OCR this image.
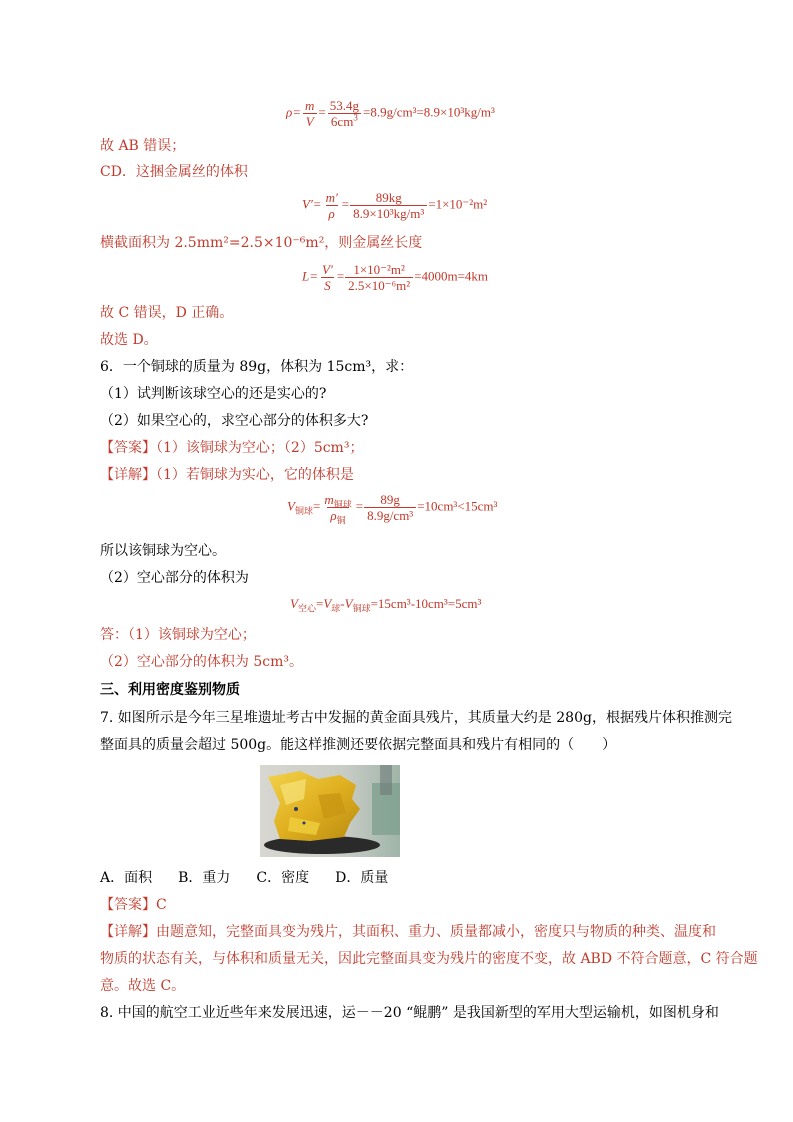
$\rho= \frac{m}{V} = \frac{53.4g}{6cm^3} =8.9g/cm^3=8.9\times 10^3kg/m^3$
故 AB 错误；
CD．这捆金属丝的体积
$V'= \frac{m'}{\rho} = \frac{89kg}{\text{8.9×10³kg/m³}} =1\times 10^{-2}m^2$
横截面积为 2.5mm²=2.5×10⁻⁶m²，则金属丝长度
$L= \frac{V'}{S} = \frac{\text{1×10⁻²m²}}{\text{2.5×10⁻⁶m²}} =4000m=4km$
故 C 错误，D 正确。
故选 D。
6．一个铜球的质量为 89g，体积为 15cm³，求：
（1）试判断该球空心的还是实心的?
（2）如果空心的，求空心部分的体积多大?
【答案】（1）该铜球为空心；（2）5cm³；
【详解】（1）若铜球为实心，它的体积是
$V_{铜球}= \frac{m_{铜球}}{\rho_铜} = \frac{89g}{\text{8.9g/cm³}} =10cm^3<15cm^3$
所以该铜球为空心。
（2）空心部分的体积为
$V_{空心}=V_球-V_{铜球}=15cm^3-10cm^3=5cm^3$
答：（1）该铜球为空心；
（2）空心部分的体积为 5cm³。
三、利用密度鉴别物质
7. 如图所示是今年三星堆遗址考古中发掘的黄金面具残片，其质量大约是 280g，根据残片体积推测完
整面具的质量会超过 500g。能这样推测还要依据完整面具和残片有相同的（　　）
A．面积 B．重力 C．密度 D．质量
【答案】C
【详解】由题意知，完整面具变为残片，其面积、重力、质量都减小，密度只与物质的种类、温度和
物质的状态有关，与体积和质量无关，因此完整面具变为残片的密度不变，故 ABD 不符合题意，C 符合题
意。故选 C。
8. 中国的航空工业近些年来发展迅速，运－－20 “鲲鹏” 是我国新型的军用大型运输机，如图机身和
